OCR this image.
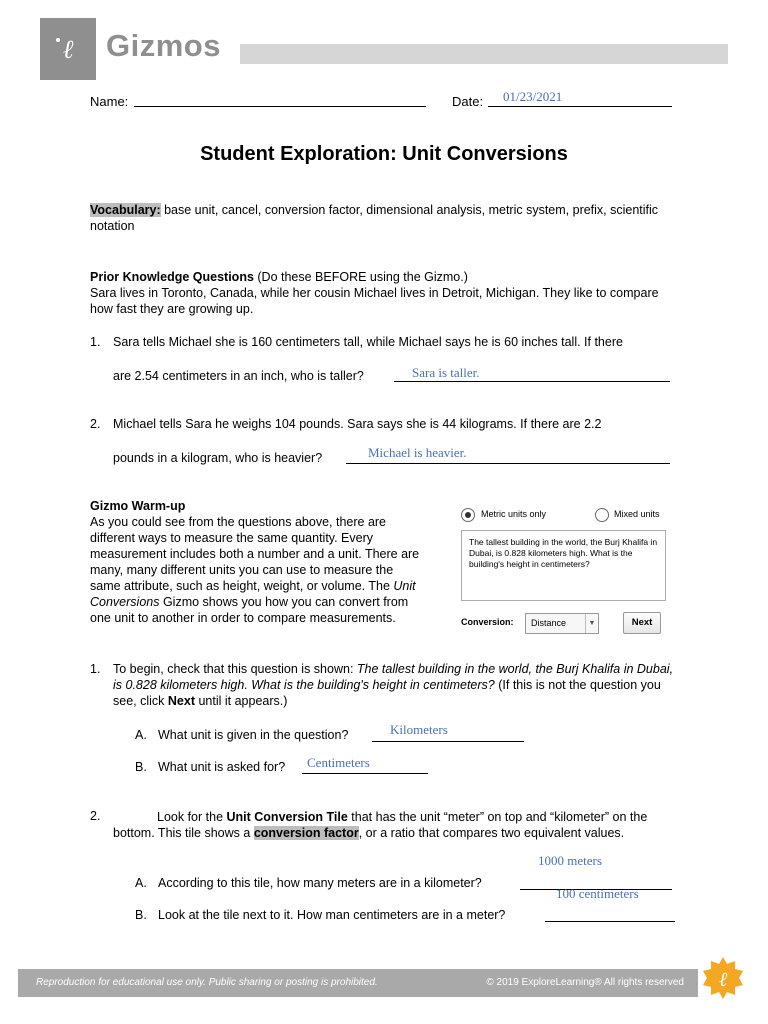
ℓ Gizmos
Name:	Date: 01/23/2021
Student Exploration: Unit Conversions
Vocabulary: base unit, cancel, conversion factor, dimensional analysis, metric system, prefix, scientific notation
Prior Knowledge Questions (Do these BEFORE using the Gizmo.)
Sara lives in Toronto, Canada, while her cousin Michael lives in Detroit, Michigan. They like to compare how fast they are growing up.
1. Sara tells Michael she is 160 centimeters tall, while Michael says he is 60 inches tall. If there
are 2.54 centimeters in an inch, who is taller?	Sara is taller.
2. Michael tells Sara he weighs 104 pounds. Sara says she is 44 kilograms. If there are 2.2
pounds in a kilogram, who is heavier?	Michael is heavier.
Gizmo Warm-up
As you could see from the questions above, there are different ways to measure the same quantity. Every measurement includes both a number and a unit. There are many, many different units you can use to measure the same attribute, such as height, weight, or volume. The Unit Conversions Gizmo shows you how you can convert from one unit to another in order to compare measurements.
Metric units only	Mixed units
The tallest building in the world, the Burj Khalifa in Dubai, is 0.828 kilometers high. What is the building's height in centimeters?
Conversion: Distance	▼	Next
1. To begin, check that this question is shown: The tallest building in the world, the Burj Khalifa in Dubai, is 0.828 kilometers high. What is the building's height in centimeters? (If this is not the question you see, click Next until it appears.)
A. What unit is given in the question?	Kilometers
B. What unit is asked for? Centimeters
2.	Look for the Unit Conversion Tile that has the unit “meter” on top and “kilometer” on the bottom. This tile shows a conversion factor, or a ratio that compares two equivalent values.
1000 meters
A. According to this tile, how many meters are in a kilometer?
100 centimeters
B. Look at the tile next to it. How man centimeters are in a meter?
Reproduction for educational use only. Public sharing or posting is prohibited.	© 2019 ExploreLearning® All rights reserved ℓ
